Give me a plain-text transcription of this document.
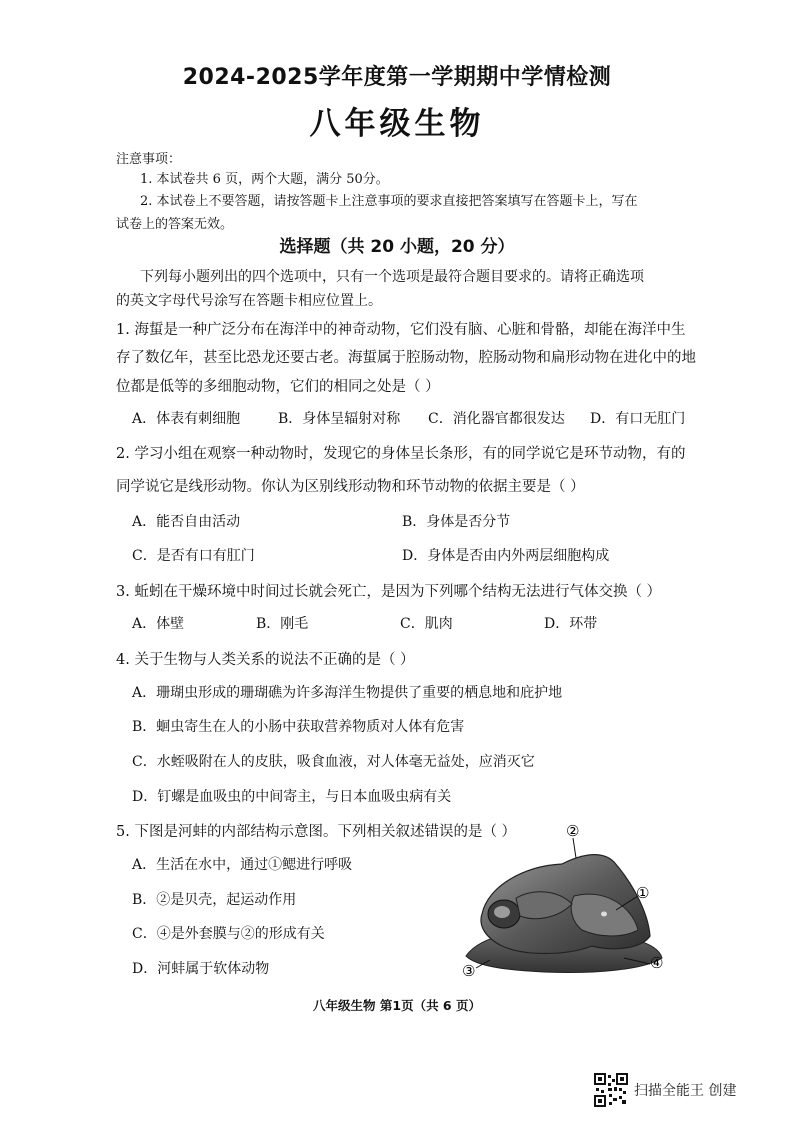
2024-2025学年度第一学期期中学情检测
八年级生物
注意事项：
1. 本试卷共 6 页，两个大题，满分 50分。
2. 本试卷上不要答题，请按答题卡上注意事项的要求直接把答案填写在答题卡上，写在
试卷上的答案无效。
选择题（共 20 小题，20 分）
下列每小题列出的四个选项中，只有一个选项是最符合题目要求的。请将正确选项
的英文字母代号涂写在答题卡相应位置上。
1. 海蜇是一种广泛分布在海洋中的神奇动物，它们没有脑、心脏和骨骼，却能在海洋中生
存了数亿年，甚至比恐龙还要古老。海蜇属于腔肠动物，腔肠动物和扁形动物在进化中的地
位都是低等的多细胞动物，它们的相同之处是（ ）
A．体表有刺细胞	B．身体呈辐射对称 C．消化器官都很发达 D．有口无肛门
2. 学习小组在观察一种动物时，发现它的身体呈长条形，有的同学说它是环节动物，有的
同学说它是线形动物。你认为区别线形动物和环节动物的依据主要是（ ）
A．能否自由活动	B．身体是否分节
C．是否有口有肛门	D．身体是否由内外两层细胞构成
3. 蚯蚓在干燥环境中时间过长就会死亡，是因为下列哪个结构无法进行气体交换（ ）
A．体壁	B．刚毛	C．肌肉	D．环带
4. 关于生物与人类关系的说法不正确的是（ ）
A．珊瑚虫形成的珊瑚礁为许多海洋生物提供了重要的栖息地和庇护地
B．蛔虫寄生在人的小肠中获取营养物质对人体有危害
C．水蛭吸附在人的皮肤，吸食血液，对人体毫无益处，应消灭它
D．钉螺是血吸虫的中间寄主，与日本血吸虫病有关
5. 下图是河蚌的内部结构示意图。下列相关叙述错误的是（ ）
A．生活在水中，通过①鳃进行呼吸
B．②是贝壳，起运动作用
C．④是外套膜与②的形成有关
D．河蚌属于软体动物
②
①
③	④
八年级生物 第1页（共 6 页）
扫描全能王 创建
